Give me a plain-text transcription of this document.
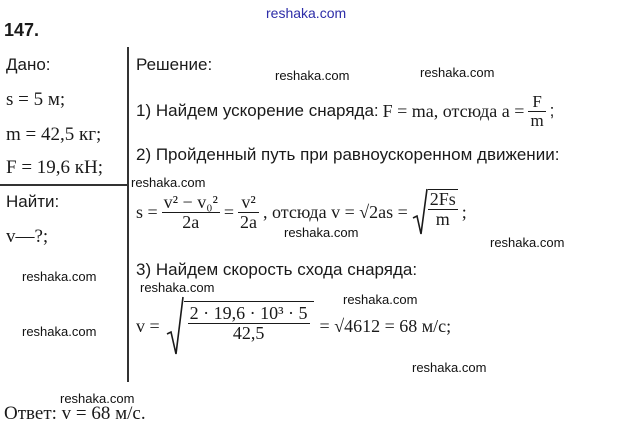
reshaka.com
147.
Дано:
s = 5 м;
m = 42,5 кг;
F = 19,6 кН;
Найти:
v—?;
Решение:
1) Найдем ускорение снаряда: F = ma, отсюда $a = \frac{F}{m}$ ;
2) Пройденный путь при равноускоренном движении:
$s = \frac{\text{v² − v₀²}}{2a} = \frac{\text{v²}}{2a}$ , отсюда $v = √2as = \frac{2Fs}{m}$ ;
3) Найдем скорость схода снаряда:
$v = \frac{\text{2 · 19,6 · 10³ · 5}}{42,5} = √4612 = 68$ м/с;
Ответ: v = 68 м/с.
reshaka.com	reshaka.com
reshaka.com
reshaka.com
reshaka.com
reshaka.com
reshaka.com
reshaka.com
reshaka.com
reshaka.com
reshaka.com
